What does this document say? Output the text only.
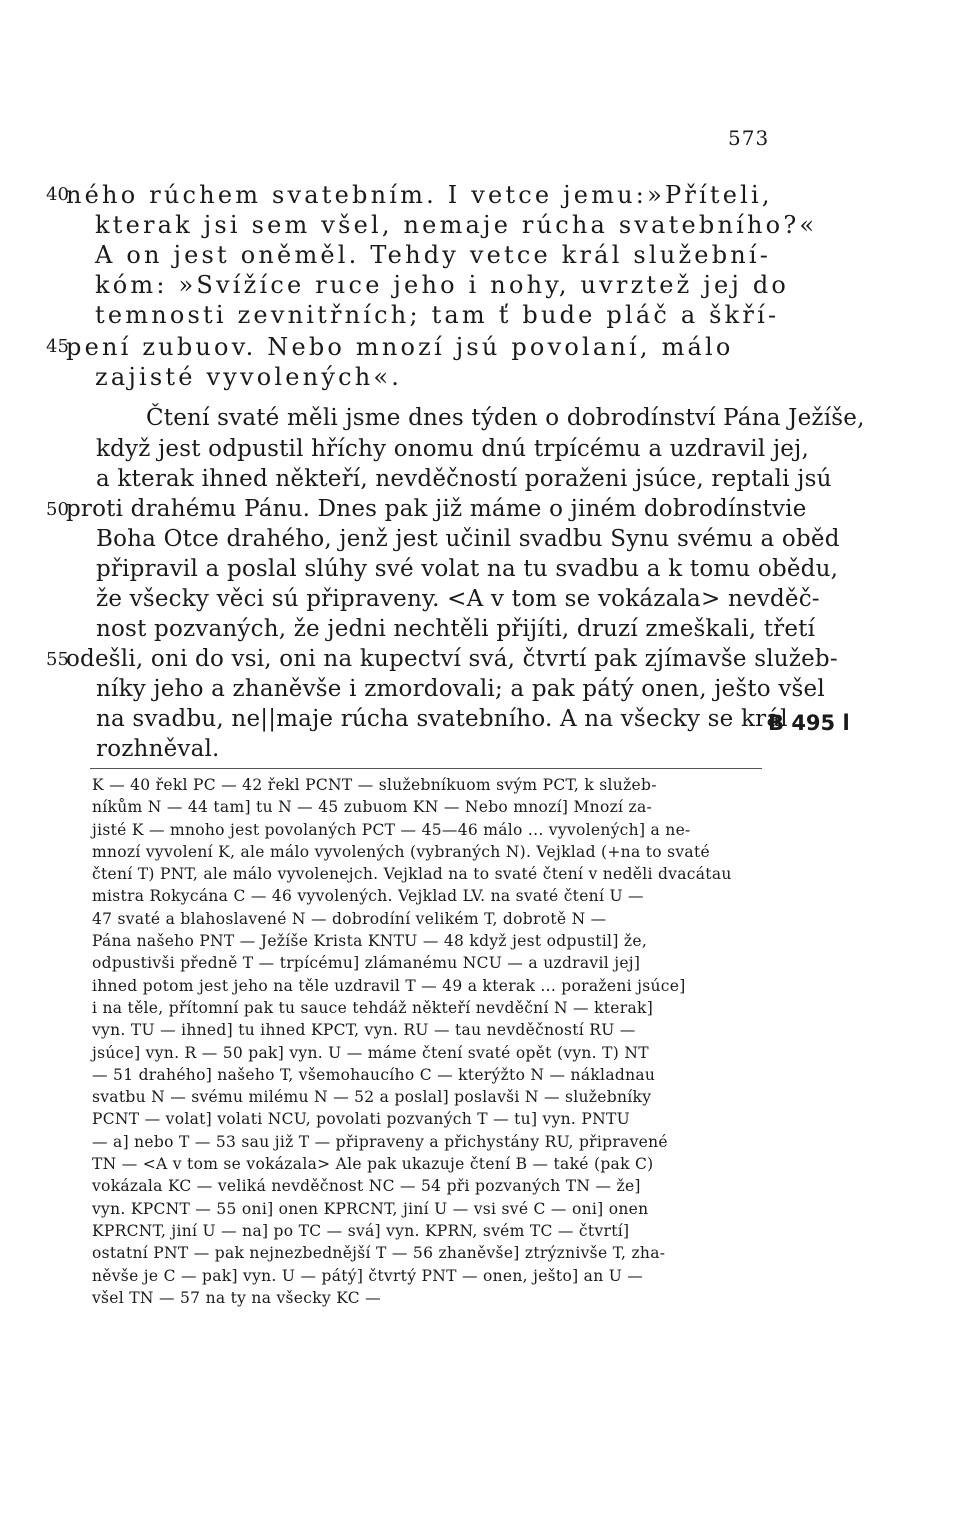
573
40
ného rúchem svatebním. I vetce jemu:»Příteli,
kterak jsi sem všel, nemaje rúcha svatebního?«
A on jest oněměl. Tehdy vetce král služební-
kóm: »Svížíce ruce jeho i nohy, uvrztež jej do
temnosti zevnitřních; tam ť bude pláč a škří-
45
pení zubuov. Nebo mnozí jsú povolaní, málo
zajisté vyvolených«.
Čtení svaté měli jsme dnes týden o dobrodínství Pána Ježíše,
když jest odpustil hříchy onomu dnú trpícému a uzdravil jej,
a kterak ihned někteří, nevděčností poraženi jsúce, reptali jsú
50
proti drahému Pánu. Dnes pak již máme o jiném dobrodínstvie
Boha Otce drahého, jenž jest učinil svadbu Synu svému a oběd
připravil a poslal slúhy své volat na tu svadbu a k tomu obědu,
že všecky věci sú připraveny. <A v tom se vokázala> nevděč-
nost pozvaných, že jedni nechtěli přijíti, druzí zmeškali, třetí
55
odešli, oni do vsi, oni na kupectví svá, čtvrtí pak zjímavše služeb-
níky jeho a zhaněvše i zmordovali; a pak pátý onen, ješto všel
na svadbu, ne||maje rúcha svatebního. A na všecky se král
rozhněval.
B 495 l
K — 40 řekl PC — 42 řekl PCNT — služebníkuom svým PCT, k služeb-
níkům N — 44 tam] tu N — 45 zubuom KN — Nebo mnozí] Mnozí za-
jisté K — mnoho jest povolaných PCT — 45—46 málo ... vyvolených] a ne-
mnozí vyvolení K, ale málo vyvolených (vybraných N). Vejklad (+na to svaté
čtení T) PNT, ale málo vyvolenejch. Vejklad na to svaté čtení v neděli dvacátau
mistra Rokycána C — 46 vyvolených. Vejklad LV. na svaté čtení U —
47 svaté a blahoslavené N — dobrodíní velikém T, dobrotě N —
Pána našeho PNT — Ježíše Krista KNTU — 48 když jest odpustil] že,
odpustivši předně T — trpícému] zlámanému NCU — a uzdravil jej]
ihned potom jest jeho na těle uzdravil T — 49 a kterak ... poraženi jsúce]
i na těle, přítomní pak tu sauce tehdáž někteří nevděční N — kterak]
vyn. TU — ihned] tu ihned KPCT, vyn. RU — tau nevděčností RU —
jsúce] vyn. R — 50 pak] vyn. U — máme čtení svaté opět (vyn. T) NT
— 51 drahého] našeho T, všemohaucího C — kterýžto N — nákladnau
svatbu N — svému milému N — 52 a poslal] poslavši N — služebníky
PCNT — volat] volati NCU, povolati pozvaných T — tu] vyn. PNTU
— a] nebo T — 53 sau již T — připraveny a přichystány RU, připravené
TN — <A v tom se vokázala> Ale pak ukazuje čtení B — také (pak C)
vokázala KC — veliká nevděčnost NC — 54 při pozvaných TN — že]
vyn. KPCNT — 55 oni] onen KPRCNT, jiní U — vsi své C — oni] onen
KPRCNT, jiní U — na] po TC — svá] vyn. KPRN, svém TC — čtvrtí]
ostatní PNT — pak nejnezbednější T — 56 zhaněvše] ztrýznivše T, zha-
něvše je C — pak] vyn. U — pátý] čtvrtý PNT — onen, ješto] an U —
všel TN — 57 na ty na všecky KC —
